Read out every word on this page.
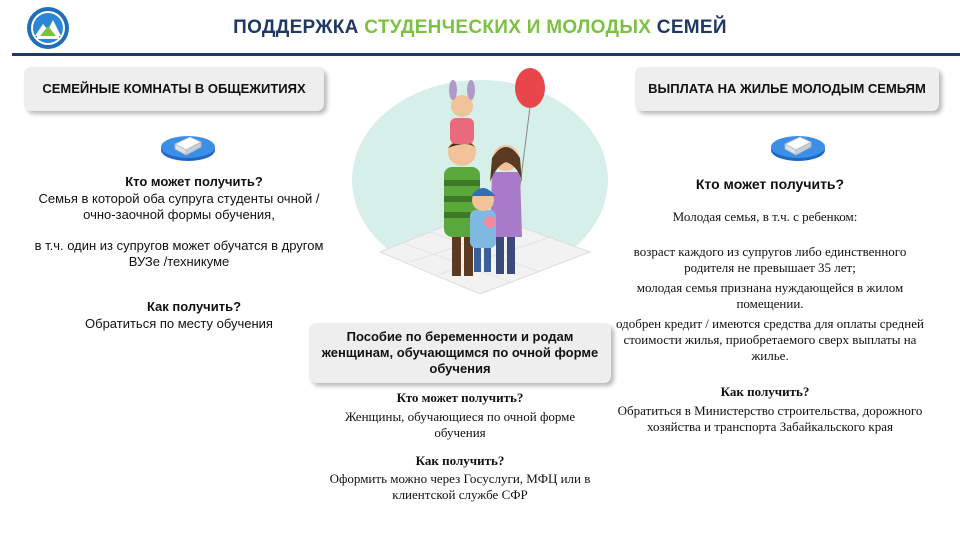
ПОДДЕРЖКА СТУДЕНЧЕСКИХ И МОЛОДЫХ СЕМЕЙ
СЕМЕЙНЫЕ КОМНАТЫ В ОБЩЕЖИТИЯХ
Кто может получить?
Семья в которой оба супруга студенты очной / очно-заочной формы обучения,
в т.ч. один из супругов может обучатся в другом ВУЗе /техникуме
Как получить?
Обратиться по месту обучения
Пособие по беременности и родам женщинам, обучающимся по очной форме обучения
Кто может получить?
Женщины, обучающиеся по очной форме обучения
Как получить?
Оформить можно через Госуслуги, МФЦ или в клиентской службе СФР
ВЫПЛАТА НА ЖИЛЬЕ МОЛОДЫМ СЕМЬЯМ
Кто может получить?
Молодая семья, в т.ч. с ребенком:
возраст каждого из супругов либо единственного родителя не превышает 35 лет;
молодая семья признана нуждающейся в жилом помещении.
одобрен кредит / имеются средства для оплаты средней стоимости жилья, приобретаемого сверх выплаты на жилье.
Как получить?
Обратиться в Министерство строительства, дорожного хозяйства и транспорта Забайкальского края
